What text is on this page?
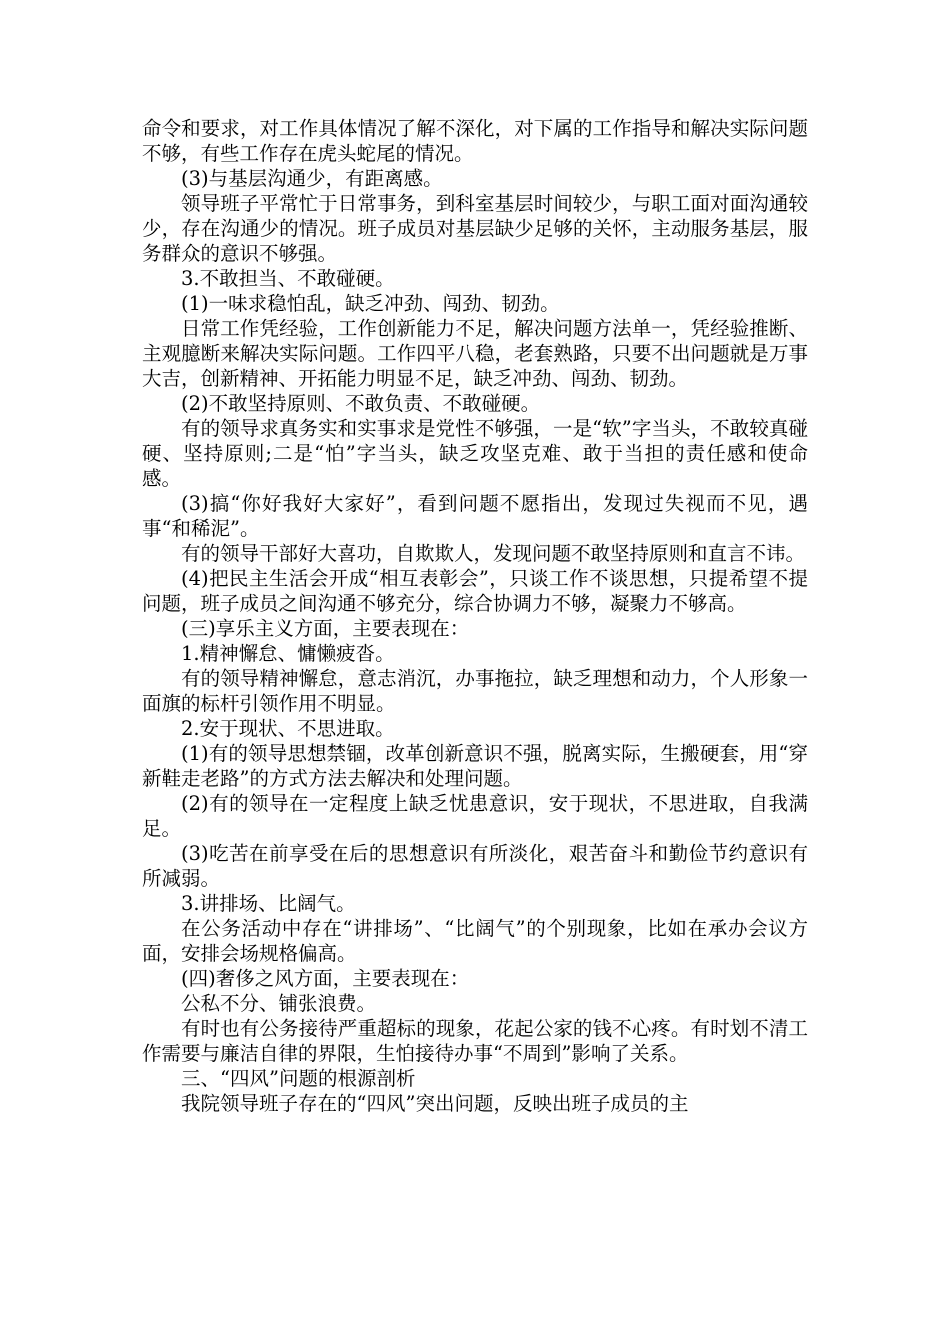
命令和要求，对工作具体情况了解不深化，对下属的工作指导和解决实际问题不够，有些工作存在虎头蛇尾的情况。

(3)与基层沟通少，有距离感。

领导班子平常忙于日常事务，到科室基层时间较少，与职工面对面沟通较少，存在沟通少的情况。班子成员对基层缺少足够的关怀，主动服务基层，服务群众的意识不够强。

3.不敢担当、不敢碰硬。

(1)一味求稳怕乱，缺乏冲劲、闯劲、韧劲。

日常工作凭经验，工作创新能力不足，解决问题方法单一，凭经验推断、主观臆断来解决实际问题。工作四平八稳，老套熟路，只要不出问题就是万事大吉，创新精神、开拓能力明显不足，缺乏冲劲、闯劲、韧劲。

(2)不敢坚持原则、不敢负责、不敢碰硬。

有的领导求真务实和实事求是党性不够强，一是“软”字当头，不敢较真碰硬、坚持原则;二是“怕”字当头，缺乏攻坚克难、敢于当担的责任感和使命感。

(3)搞“你好我好大家好”，看到问题不愿指出，发现过失视而不见，遇事“和稀泥”。

有的领导干部好大喜功，自欺欺人，发现问题不敢坚持原则和直言不讳。

(4)把民主生活会开成“相互表彰会”，只谈工作不谈思想，只提希望不提问题，班子成员之间沟通不够充分，综合协调力不够，凝聚力不够高。

(三)享乐主义方面，主要表现在：

1.精神懈怠、慵懒疲沓。

有的领导精神懈怠，意志消沉，办事拖拉，缺乏理想和动力，个人形象一面旗的标杆引领作用不明显。

2.安于现状、不思进取。

(1)有的领导思想禁锢，改革创新意识不强，脱离实际，生搬硬套，用“穿新鞋走老路”的方式方法去解决和处理问题。

(2)有的领导在一定程度上缺乏忧患意识，安于现状，不思进取，自我满足。

(3)吃苦在前享受在后的思想意识有所淡化，艰苦奋斗和勤俭节约意识有所减弱。

3.讲排场、比阔气。

在公务活动中存在“讲排场”、“比阔气”的个别现象，比如在承办会议方面，安排会场规格偏高。

(四)奢侈之风方面，主要表现在：

公私不分、铺张浪费。

有时也有公务接待严重超标的现象，花起公家的钱不心疼。有时划不清工作需要与廉洁自律的界限，生怕接待办事“不周到”影响了关系。

三、“四风”问题的根源剖析

我院领导班子存在的“四风”突出问题，反映出班子成员的主
